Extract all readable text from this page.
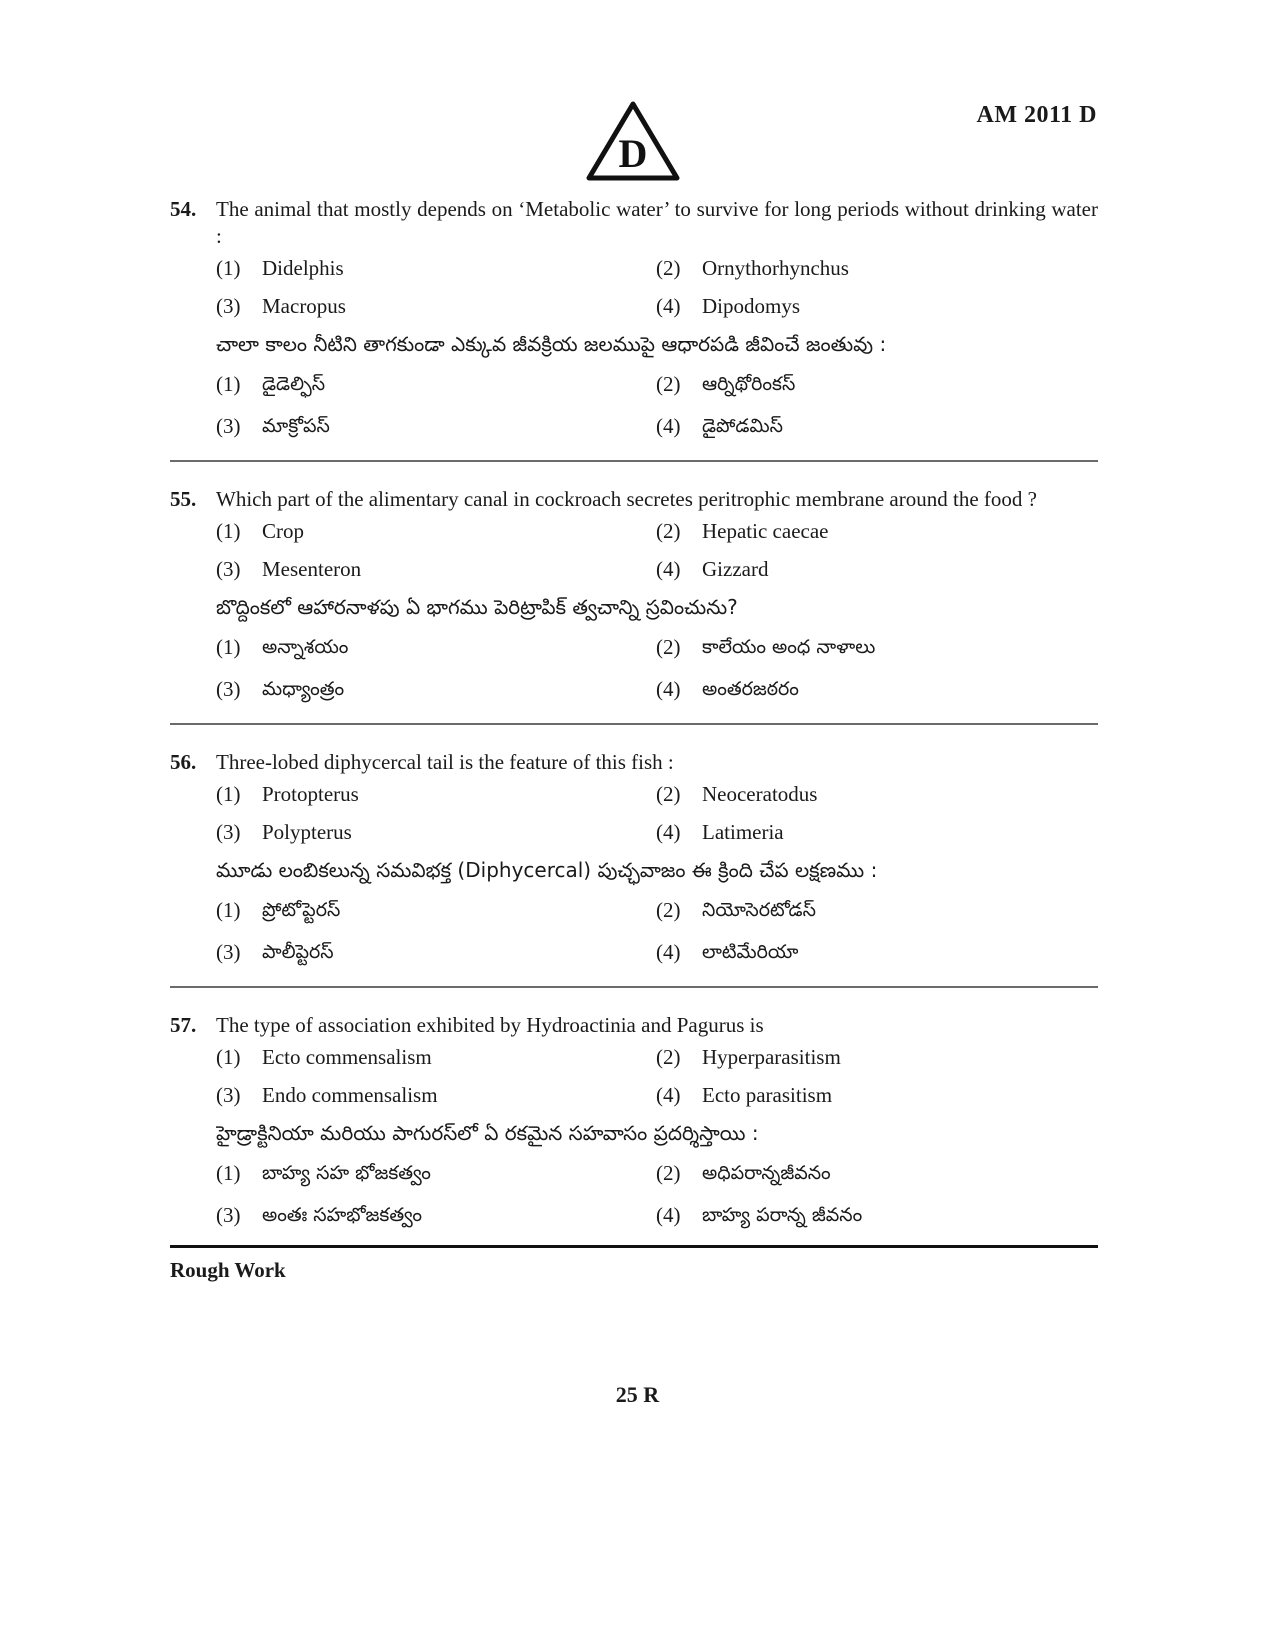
D
AM 2011 D
54. The animal that mostly depends on ‘Metabolic water’ to survive for long periods without drinking water :
(1)	Didelphis	(2)	Ornythorhynchus
(3)	Macropus	(4)	Dipodomys
చాలా కాలం నీటిని తాగకుండా ఎక్కువ జీవక్రియ జలముపై ఆధారపడి జీవించే జంతువు :
(1)	డైడెల్ఫిస్	(2)	ఆర్నిథోరింకస్
(3)	మాక్రోపస్	(4)	డైపోడమిస్
55. Which part of the alimentary canal in cockroach secretes peritrophic membrane around the food ?
(1)	Crop	(2)	Hepatic caecae
(3)	Mesenteron	(4)	Gizzard
బొద్దింకలో ఆహారనాళపు ఏ భాగము పెరిట్రాపిక్ త్వచాన్ని స్రవించును?
(1)	అన్నాశయం	(2)	కాలేయం అంధ నాళాలు
(3)	మధ్యాంత్రం	(4)	అంతరజఠరం
56. Three-lobed diphycercal tail is the feature of this fish :
(1)	Protopterus	(2)	Neoceratodus
(3)	Polypterus	(4)	Latimeria
మూడు లంబికలున్న సమవిభక్త (Diphycercal) పుచ్ఛవాజం ఈ క్రింది చేప లక్షణము :
(1)	ప్రోటోప్టెరస్	(2)	నియోసెరటోడస్
(3)	పాలీప్టెరస్	(4)	లాటిమేరియా
57. The type of association exhibited by Hydroactinia and Pagurus is
(1)	Ecto commensalism	(2)	Hyperparasitism
(3)	Endo commensalism	(4)	Ecto parasitism
హైడ్రాక్టినియా మరియు పాగురస్‌లో ఏ రకమైన సహవాసం ప్రదర్శిస్తాయి :
(1)	బాహ్య సహ భోజకత్వం	(2)	అధిపరాన్నజీవనం
(3)	అంతః సహభోజకత్వం	(4)	బాహ్య పరాన్న జీవనం
Rough Work
25 R
